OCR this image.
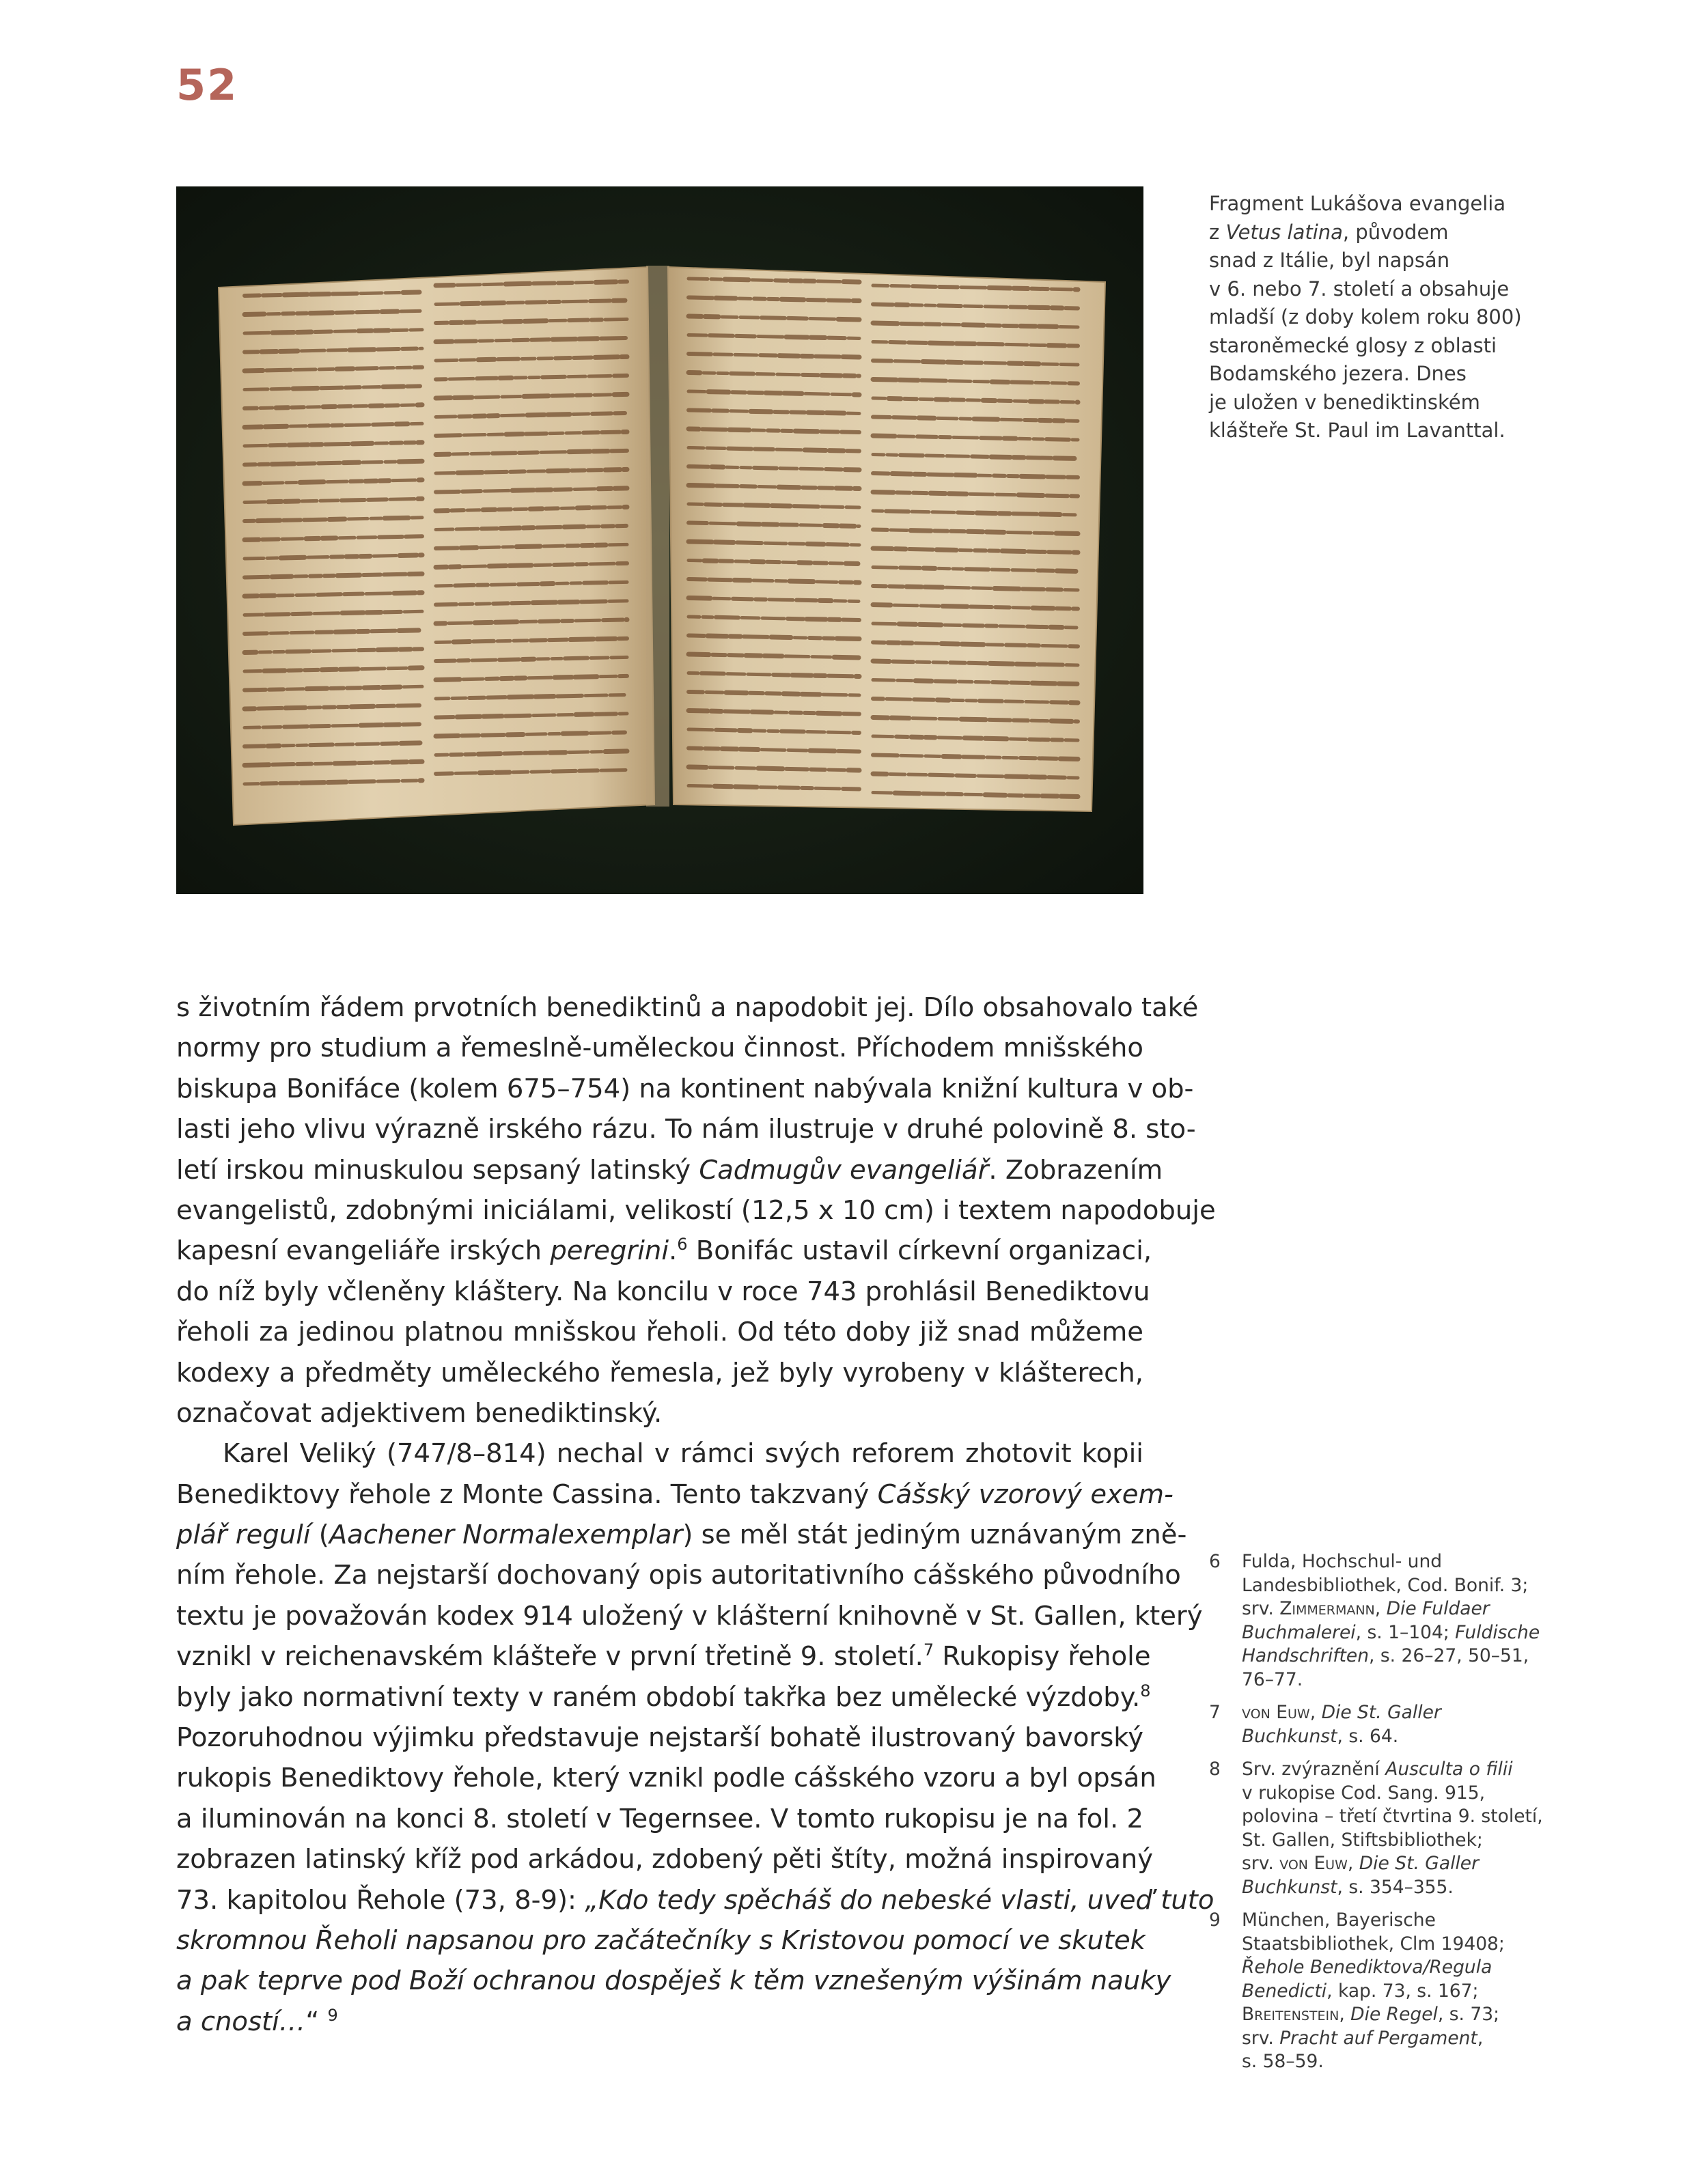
52
Fragment Lukášova evangelia
z Vetus latina, původem
snad z Itálie, byl napsán
v 6. nebo 7. století a obsahuje
mladší (z doby kolem roku 800)
staroněmecké glosy z oblasti
Bodamského jezera. Dnes
je uložen v benediktinském
klášteře St. Paul im Lavanttal.
s životním řádem prvotních benediktinů a napodobit jej. Dílo obsahovalo také
normy pro studium a řemeslně-uměleckou činnost. Příchodem mnišského
biskupa Bonifáce (kolem 675–754) na kontinent nabývala knižní kultura v ob-
lasti jeho vlivu výrazně irského rázu. To nám ilustruje v druhé polovině 8. sto-
letí irskou minuskulou sepsaný latinský Cadmugův evangeliář. Zobrazením
evangelistů, zdobnými iniciálami, velikostí (12,5 x 10 cm) i textem napodobuje
kapesní evangeliáře irských peregrini.$^6$ Bonifác ustavil církevní organizaci,
do níž byly včleněny kláštery. Na koncilu v roce 743 prohlásil Benediktovu
řeholi za jedinou platnou mnišskou řeholi. Od této doby již snad můžeme
kodexy a předměty uměleckého řemesla, jež byly vyrobeny v klášterech,
označovat adjektivem benediktinský.
Karel Veliký (747/8–814) nechal v rámci svých reforem zhotovit kopii
Benediktovy řehole z Monte Cassina. Tento takzvaný Cášský vzorový exem-
plář regulí (Aachener Normalexemplar) se měl stát jediným uznávaným zně-
ním řehole. Za nejstarší dochovaný opis autoritativního cášského původního
textu je považován kodex 914 uložený v klášterní knihovně v St. Gallen, který
vznikl v reichenavském klášteře v první třetině 9. století.$^7$ Rukopisy řehole
byly jako normativní texty v raném období takřka bez umělecké výzdoby.$^8$
Pozoruhodnou výjimku představuje nejstarší bohatě ilustrovaný bavorský
rukopis Benediktovy řehole, který vznikl podle cášského vzoru a byl opsán
a iluminován na konci 8. století v Tegernsee. V tomto rukopisu je na fol. 2
zobrazen latinský kříž pod arkádou, zdobený pěti štíty, možná inspirovaný
73. kapitolou Řehole (73, 8-9): „Kdo tedy spěcháš do nebeské vlasti, uveď tuto
skromnou Řeholi napsanou pro začátečníky s Kristovou pomocí ve skutek
a pak teprve pod Boží ochranou dospěješ k těm vznešeným výšinám nauky
a cností…“ $^9$
6 Fulda, Hochschul- und
Landesbibliothek, Cod. Bonif. 3;
srv. Zimmermann, Die Fuldaer
Buchmalerei, s. 1–104; Fuldische
Handschriften, s. 26–27, 50–51,
76–77.
7 von Euw, Die St. Galler
Buchkunst, s. 64.
8 Srv. zvýraznění Ausculta o filii
v rukopise Cod. Sang. 915,
polovina – třetí čtvrtina 9. století,
St. Gallen, Stiftsbibliothek;
srv. von Euw, Die St. Galler
Buchkunst, s. 354–355.
9 München, Bayerische
Staatsbibliothek, Clm 19408;
Řehole Benediktova/Regula
Benedicti, kap. 73, s. 167;
Breitenstein, Die Regel, s. 73;
srv. Pracht auf Pergament,
s. 58–59.
